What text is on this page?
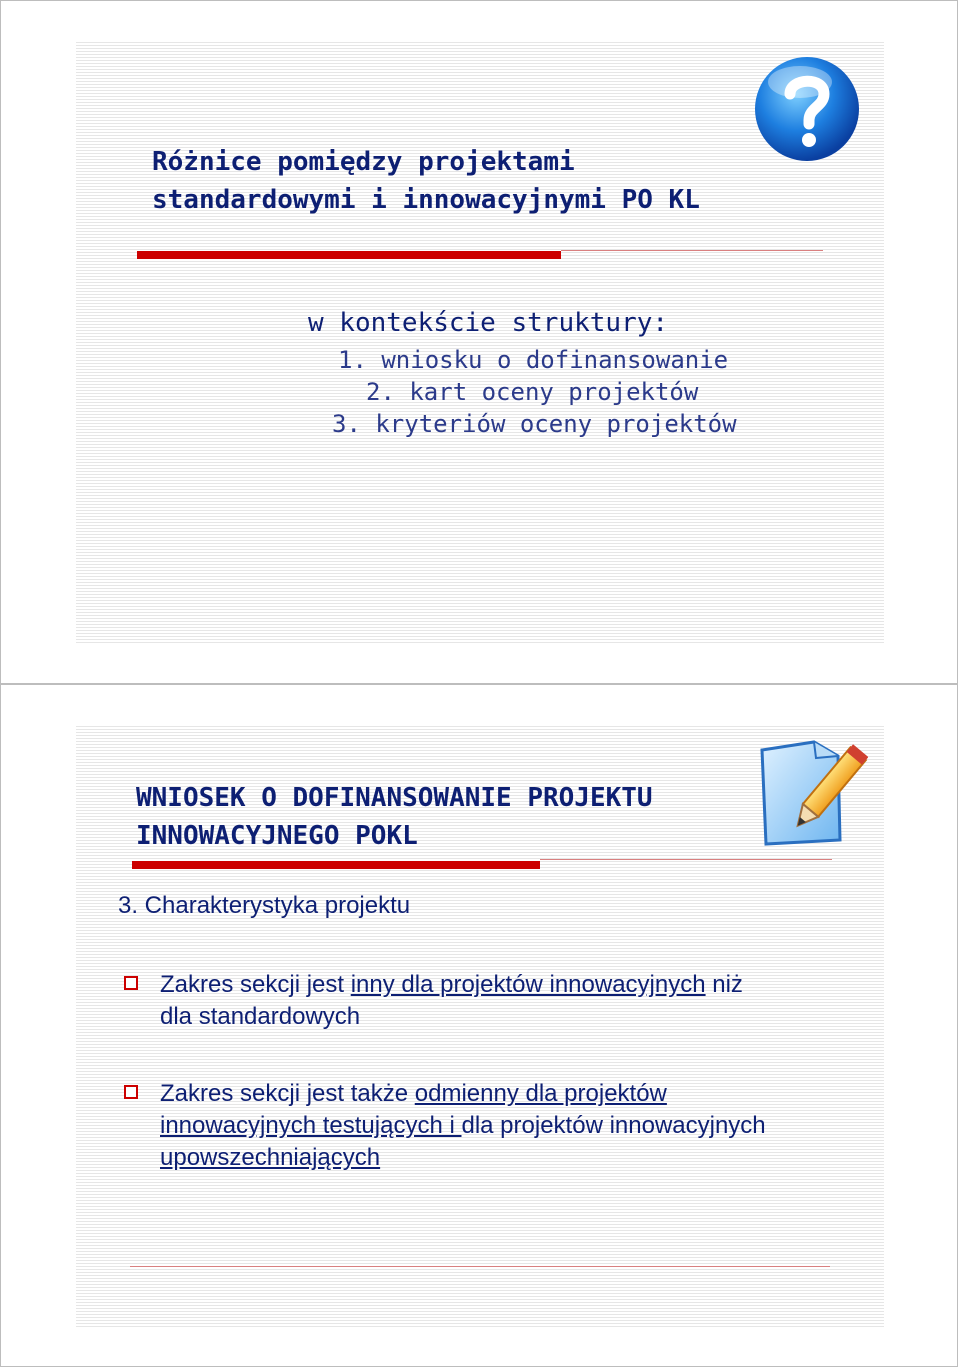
Różnice pomiędzy projektami
standardowymi i innowacyjnymi PO KL
w kontekście struktury:
1. wniosku o dofinansowanie
2. kart oceny projektów
3. kryteriów oceny projektów
WNIOSEK O DOFINANSOWANIE PROJEKTU
INNOWACYJNEGO POKL
3. Charakterystyka projektu
Zakres sekcji jest inny dla projektów innowacyjnych niż
dla standardowych
Zakres sekcji jest także odmienny dla projektów
innowacyjnych testujących i dla projektów innowacyjnych
upowszechniających
